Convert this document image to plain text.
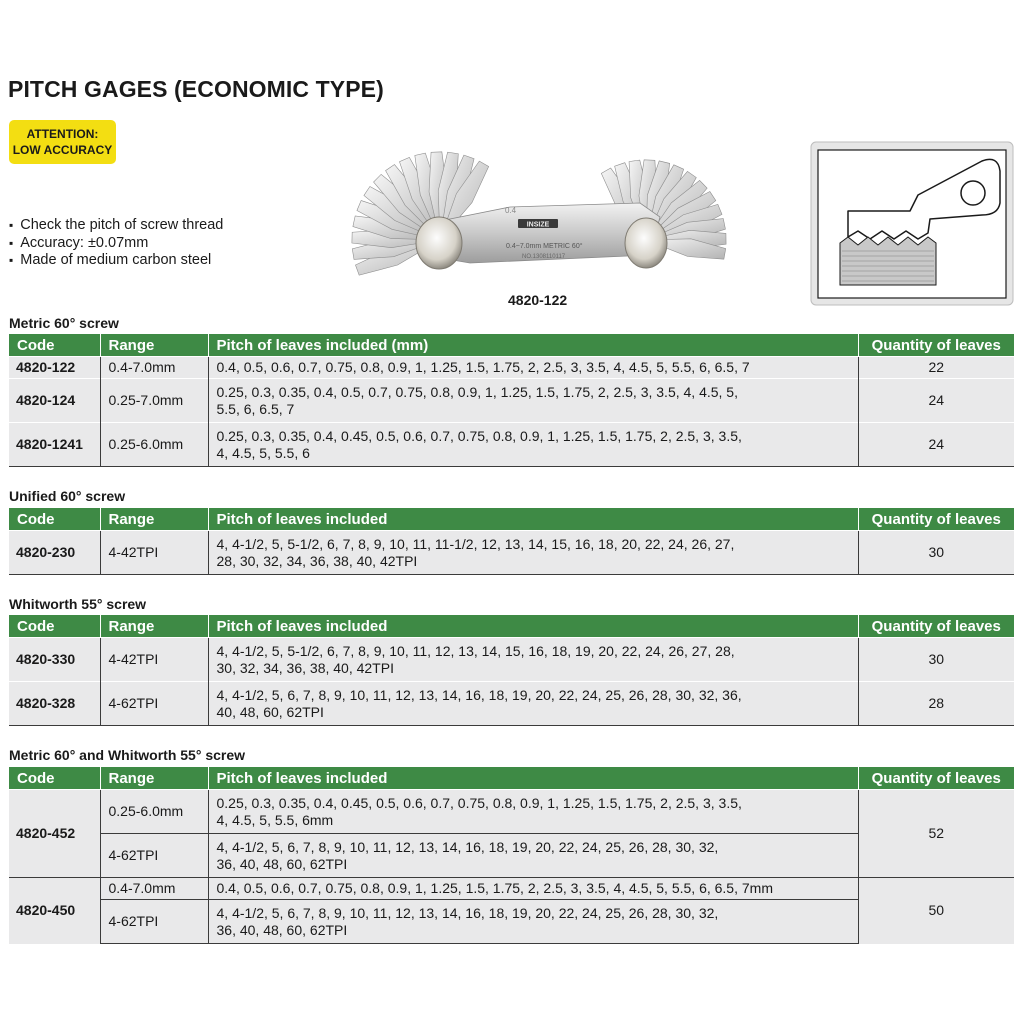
PITCH GAGES (ECONOMIC TYPE)
ATTENTION:
LOW ACCURACY
▪ Check the pitch of screw thread
▪ Accuracy: ±0.07mm
▪ Made of medium carbon steel
INSIZE
0.4~7.0mm METRIC 60°
NO.1308110117
0.4
4820-122
Metric 60° screw
Code	Range	Pitch of leaves included (mm)	Quantity of leaves
4820-122	0.4-7.0mm	0.4, 0.5, 0.6, 0.7, 0.75, 0.8, 0.9, 1, 1.25, 1.5, 1.75, 2, 2.5, 3, 3.5, 4, 4.5, 5, 5.5, 6, 6.5, 7	22
4820-124	0.25-7.0mm	0.25, 0.3, 0.35, 0.4, 0.5, 0.7, 0.75, 0.8, 0.9, 1, 1.25, 1.5, 1.75, 2, 2.5, 3, 3.5, 4, 4.5, 5,
5.5, 6, 6.5, 7	24
4820-1241	0.25-6.0mm	0.25, 0.3, 0.35, 0.4, 0.45, 0.5, 0.6, 0.7, 0.75, 0.8, 0.9, 1, 1.25, 1.5, 1.75, 2, 2.5, 3, 3.5,
4, 4.5, 5, 5.5, 6	24
Unified 60° screw
Code	Range	Pitch of leaves included	Quantity of leaves
4820-230	4-42TPI	4, 4-1/2, 5, 5-1/2, 6, 7, 8, 9, 10, 11, 11-1/2, 12, 13, 14, 15, 16, 18, 20, 22, 24, 26, 27,
28, 30, 32, 34, 36, 38, 40, 42TPI	30
Whitworth 55° screw
Code	Range	Pitch of leaves included	Quantity of leaves
4820-330	4-42TPI	4, 4-1/2, 5, 5-1/2, 6, 7, 8, 9, 10, 11, 12, 13, 14, 15, 16, 18, 19, 20, 22, 24, 26, 27, 28,
30, 32, 34, 36, 38, 40, 42TPI	30
4820-328	4-62TPI	4, 4-1/2, 5, 6, 7, 8, 9, 10, 11, 12, 13, 14, 16, 18, 19, 20, 22, 24, 25, 26, 28, 30, 32, 36,
40, 48, 60, 62TPI	28
Metric 60° and Whitworth 55° screw
Code	Range	Pitch of leaves included	Quantity of leaves
4820-452	0.25-6.0mm	0.25, 0.3, 0.35, 0.4, 0.45, 0.5, 0.6, 0.7, 0.75, 0.8, 0.9, 1, 1.25, 1.5, 1.75, 2, 2.5, 3, 3.5,
4, 4.5, 5, 5.5, 6mm	52
	4-62TPI	4, 4-1/2, 5, 6, 7, 8, 9, 10, 11, 12, 13, 14, 16, 18, 19, 20, 22, 24, 25, 26, 28, 30, 32,
36, 40, 48, 60, 62TPI	
4820-450	0.4-7.0mm	0.4, 0.5, 0.6, 0.7, 0.75, 0.8, 0.9, 1, 1.25, 1.5, 1.75, 2, 2.5, 3, 3.5, 4, 4.5, 5, 5.5, 6, 6.5, 7mm	50
	4-62TPI	4, 4-1/2, 5, 6, 7, 8, 9, 10, 11, 12, 13, 14, 16, 18, 19, 20, 22, 24, 25, 26, 28, 30, 32,
36, 40, 48, 60, 62TPI	
